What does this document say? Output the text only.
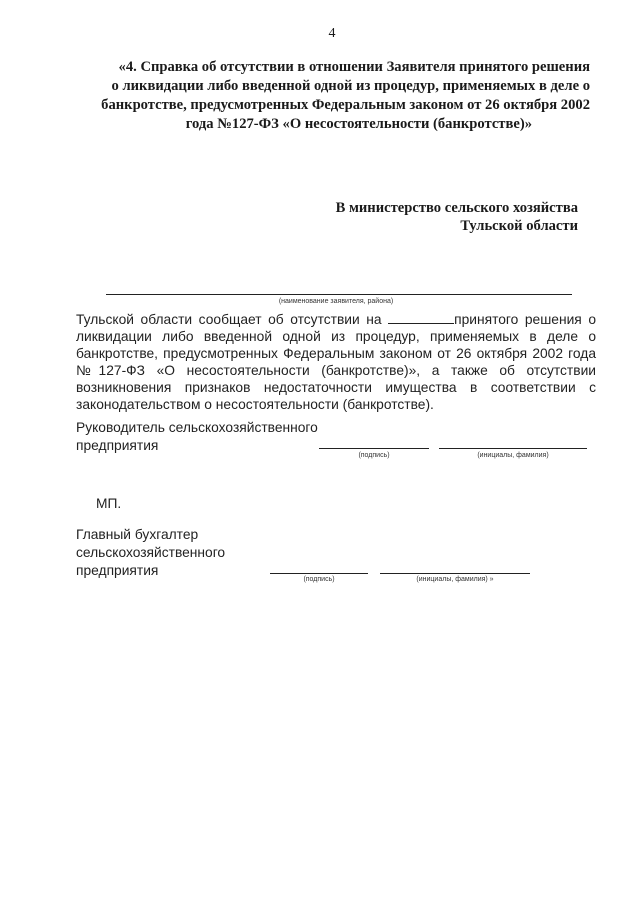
4
«4. Справка об отсутствии в отношении Заявителя принятого решения
о ликвидации либо введенной одной из процедур, применяемых в деле о
банкротстве, предусмотренных Федеральным законом от 26 октября 2002
года №127-ФЗ «О несостоятельности (банкротстве)»
В министерство сельского хозяйства
Тульской области
(наименование заявителя, района)
Тульской области сообщает об отсутствии на	принятого решения о
ликвидации либо введенной одной из процедур, применяемых в деле о
банкротстве, предусмотренных Федеральным законом от 26 октября 2002 года
№127-ФЗ «О несостоятельности (банкротстве)», а также об отсутствии
возникновения признаков недостаточности имущества в соответствии с
законодательством о несостоятельности (банкротстве).
Руководитель сельскохозяйственного
предприятия
(подпись)	(инициалы, фамилия)
МП.
Главный бухгалтер
сельскохозяйственного
предприятия
(подпись)	(инициалы, фамилия) »
